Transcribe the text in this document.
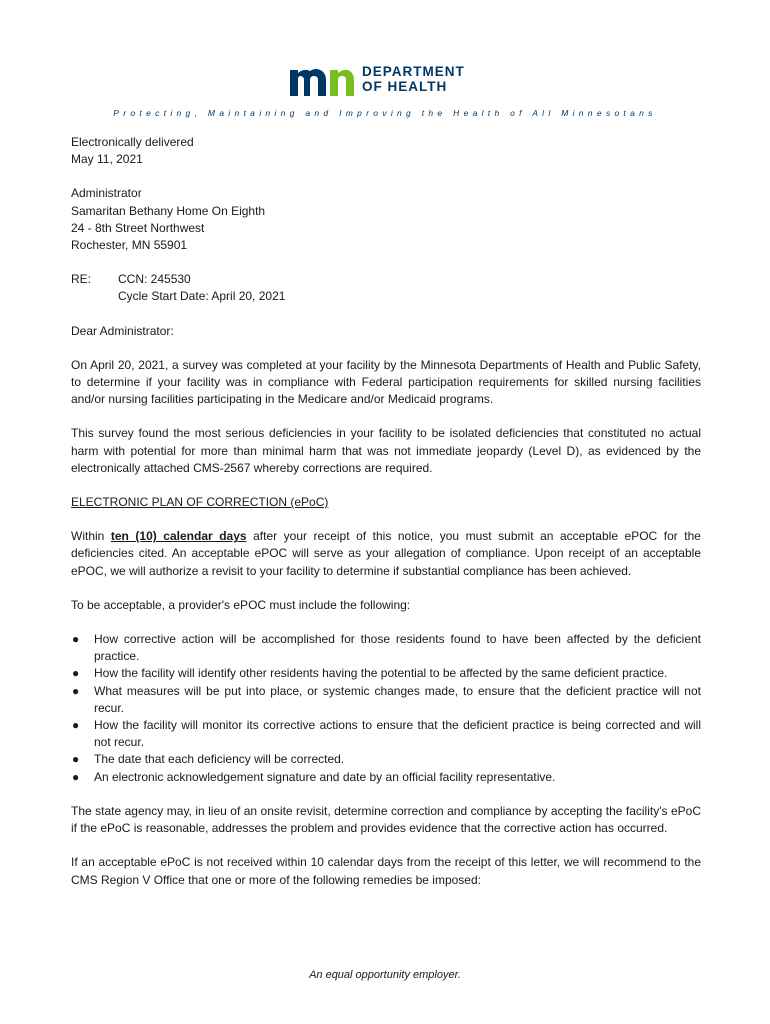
DEPARTMENT
OF HEALTH
Protecting, Maintaining and Improving the Health of All Minnesotans

Electronically delivered

May 11, 2021

Administrator

Samaritan Bethany Home On Eighth

24 - 8th Street Northwest

Rochester, MN 55901

RE:	CCN: 245530

Cycle Start Date: April 20, 2021

Dear Administrator:

On April 20, 2021, a survey was completed at your facility by the Minnesota Departments of Health and Public Safety, to determine if your facility was in compliance with Federal participation requirements for skilled nursing facilities and/or nursing facilities participating in the Medicare and/or Medicaid programs.

This survey found the most serious deficiencies in your facility to be isolated deficiencies that constituted no actual harm with potential for more than minimal harm that was not immediate jeopardy (Level D), as evidenced by the electronically attached CMS-2567 whereby corrections are required.

ELECTRONIC PLAN OF CORRECTION (ePoC)

Within ten (10) calendar days after your receipt of this notice, you must submit an acceptable ePOC for the deficiencies cited. An acceptable ePOC will serve as your allegation of compliance. Upon receipt of an acceptable ePOC, we will authorize a revisit to your facility to determine if substantial compliance has been achieved.

To be acceptable, a provider's ePOC must include the following:

● How corrective action will be accomplished for those residents found to have been affected by the deficient practice.
● How the facility will identify other residents having the potential to be affected by the same deficient practice.
● What measures will be put into place, or systemic changes made, to ensure that the deficient practice will not recur.
● How the facility will monitor its corrective actions to ensure that the deficient practice is being corrected and will not recur.
● The date that each deficiency will be corrected.
● An electronic acknowledgement signature and date by an official facility representative.

The state agency may, in lieu of an onsite revisit, determine correction and compliance by accepting the facility's ePoC if the ePoC is reasonable, addresses the problem and provides evidence that the corrective action has occurred.

If an acceptable ePoC is not received within 10 calendar days from the receipt of this letter, we will recommend to the CMS Region V Office that one or more of the following remedies be imposed:

An equal opportunity employer.
